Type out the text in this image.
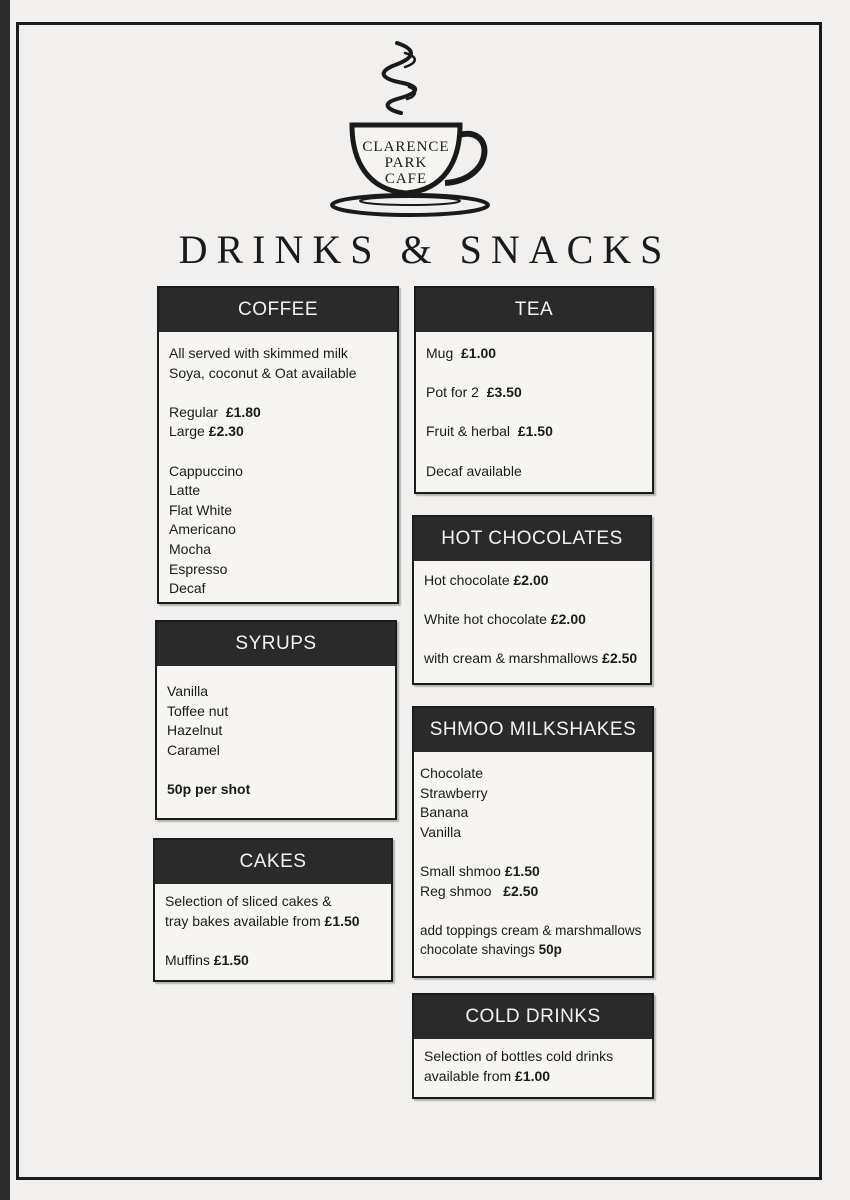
CLARENCE
PARK
CAFE
DRINKS & SNACKS
COFFEE
All served with skimmed milk
Soya, coconut & Oat available
Regular £1.80
Large £2.30
Cappuccino
Latte
Flat White
Americano
Mocha
Espresso
Decaf
SYRUPS
Vanilla
Toffee nut
Hazelnut
Caramel
50p per shot
CAKES
Selection of sliced cakes &
tray bakes available from £1.50
Muffins £1.50
TEA
Mug £1.00
Pot for 2 £3.50
Fruit & herbal £1.50
Decaf available
HOT CHOCOLATES
Hot chocolate £2.00
White hot chocolate £2.00
with cream & marshmallows £2.50
SHMOO MILKSHAKES
Chocolate
Strawberry
Banana
Vanilla
Small shmoo £1.50
Reg shmoo £2.50
add toppings cream & marshmallows
chocolate shavings 50p
COLD DRINKS
Selection of bottles cold drinks
available from £1.00
